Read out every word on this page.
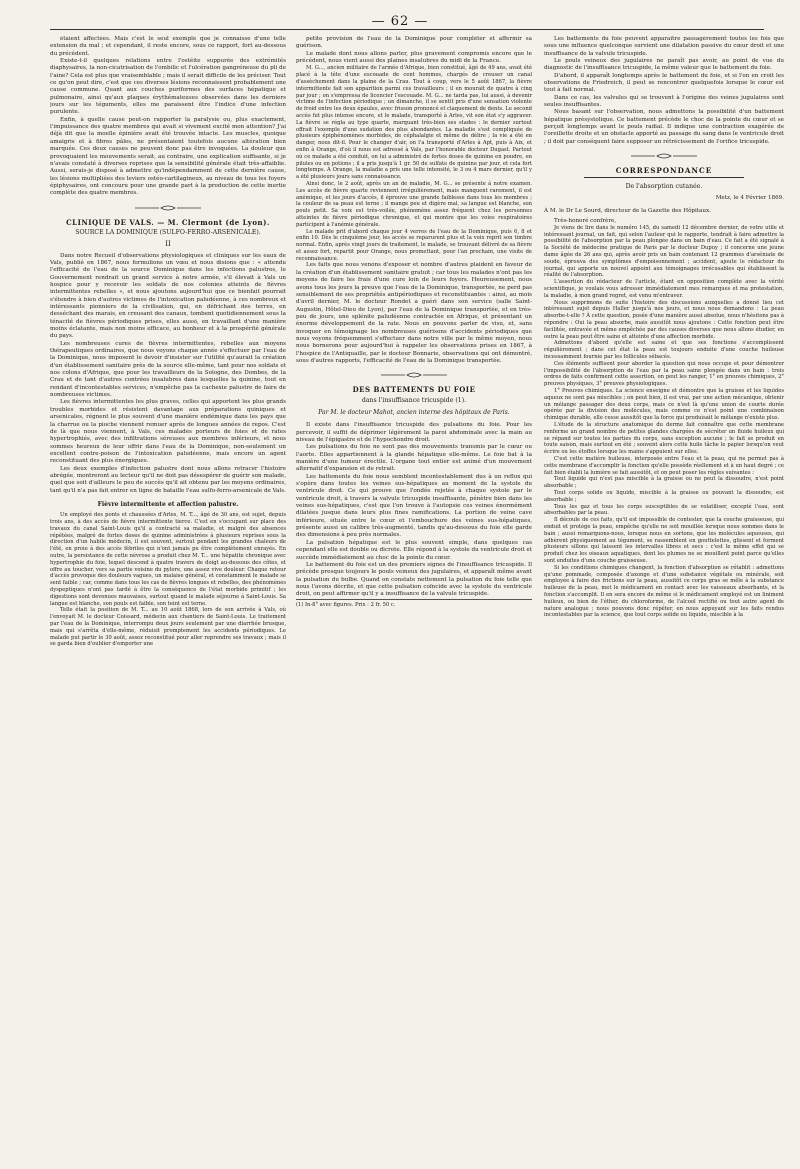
— 62 —

étaient affectées. Mais c'est le seul exemple que je connaisse d'une telle extension du mal ; et cependant, il reste encore, sous ce rapport, fort au-dessous du précédent.

Existe-t-il quelques relations entre l'ostéite suppurée des extrémités diaphysaires, la non-cicatrisation de l'ombilic et l'ulcération gangréneuse du pli de l'aine? Cela est plus que vraisemblable ; mais il serait difficile de les préciser. Tout ce qu'on peut dire, c'est que ces diverses lésions reconnaissent probablement une cause commune. Quant aux couches puriformes des surfaces hépatique et pulmonaire, ainsi qu'aux plaques érythémateuses observées dans les derniers jours sur les téguments, elles me paraissent être l'indice d'une infection purulente.

Enfin, à quelle cause peut-on rapporter la paralysie ou, plus exactement, l'impuissance des quatre membres qui avait si vivement excité mon attention? J'ai déjà dit que la moelle épinière avait été trouvée intacte. Les muscles, quoique amaigris et à fibres pâles, ne présentaient toutefois aucune altération bien marquée. Ces deux causes ne peuvent donc pas être invoquées. La douleur que provoquaient les mouvements serait, au contraire, une explication suffisante, si je n'avais constaté à diverses reprises que la sensibilité générale était très-affaiblie. Aussi, serais-je disposé à admettre qu'indépendamment de cette dernière cause, les lésions multipliées des leviers ostéo-cartilagineux, au niveau de tous les foyers épiphysaires, ont concouru pour une grande part à la production de cette inertie complète des quatre membres.

CLINIQUE DE VALS. — M. Clermont (de Lyon).
SOURCE LA DOMINIQUE (SULFO-FERRO-ARSENICALE).
II

Dans notre Recueil d'observations physiologiques et cliniques sur les eaux de Vals, publié en 1867, nous formulions un vœu et nous disions que : « attendu l'efficacité de l'eau de la source Dominique dans les infections palustres, le Gouvernement rendrait un grand service à notre armée, s'il élevait à Vals un hospice pour y recevoir les soldats de nos colonies atteints de fièvres intermittentes rebelles », et nous ajoutons aujourd'hui que ce bienfait pourrait s'étendre à bien d'autres victimes de l'intoxication paludéenne, à ces nombreux et intéressants pionniers de la civilisation, qui, en défrichant des terres, en desséchant des marais, en creusant des canaux, tombent quotidiennement sous la ténacité de fièvres périodiques prises, elles aussi, en travaillant d'une manière moins éclatante, mais non moins efficace, au bonheur et à la prospérité générale du pays.

Les nombreuses cures de fièvres intermittentes, rebelles aux moyens thérapeutiques ordinaires, que nous voyons chaque année s'effectuer par l'eau de la Dominique, nous imposent le devoir d'insister sur l'utilité qu'aurait la création d'un établissement sanitaire près de la source elle-même, tant pour nos soldats et nos colons d'Afrique, que pour les travailleurs de la Sologne, des Dombes, de la Crau et de tant d'autres contrées insalubres dans lesquelles la quinine, tout en rendant d'incontestables services, n'empêche pas la cachexie palustre de faire de nombreuses victimes.

Les fièvres intermittentes les plus graves, celles qui apportent les plus grands troubles morbides et résistent davantage aux préparations quiniques et arsenicales, régnent le plus souvent d'une manière endémique dans les pays que la charrue ou la pioche viennent remuer après de longues années de repos. C'est de là que nous viennent, à Vals, ces malades porteurs de foies et de rates hypertrophiés, avec des infiltrations séreuses aux membres inférieurs, et nous sommes heureux de leur offrir dans l'eau de la Dominique, non-seulement un excellent contre-poison de l'intoxication paludéenne, mais encore un agent reconstituant des plus énergiques.

Les deux exemples d'infection palustre dont nous allons retracer l'histoire abrégée, montreront au lecteur qu'il ne doit pas désespérer de guérir son malade, quel que soit d'ailleurs le peu de succès qu'il ait obtenu par les moyens ordinaires, tant qu'il n'a pas fait entrer en ligne de bataille l'eau sulfo-ferro-arsenicale de Vals.

Fièvre intermittente et affection palustre.

Un employé des ponts et chaussées d'Arles, M. T..., âgé de 30 ans, est sujet, depuis trois ans, à des accès de fièvre intermittente tierce. C'est en s'occupant sur place des travaux du canal Saint-Louis qu'il a contracté sa maladie, et malgré des absences répétées, malgré de fortes doses de quinine administrées à plusieurs reprises sous la direction d'un habile médecin, il est souvent, surtout pendant les grandes chaleurs de l'été, en proie à des accès fébriles qui n'ont jamais pu être complètement enrayés. En outre, la persistance de cette névrose a produit chez M. T... une hépatite chronique avec hypertrophie du foie, lequel descend à quatre travers de doigt au-dessous des côtes, et offre au toucher, vers sa partie voisine du pylore, une assez vive douleur. Chaque retour d'accès provoque des douleurs vagues, un malaise général, et constamment le malade se sent faible ; car, comme dans tous les cas de fièvres longues et rebelles, des phénomènes dyspeptiques n'ont pas tardé à être la conséquence de l'état morbide primitif ; les digestions sont devenues mauvaises, surtout quand le malade séjourne à Saint-Louis. Sa langue est blanche, son pouls est faible, son teint est terne.

Telle était la position de M. T... au 10 août 1868, lors de son arrivée à Vals, où l'envoyait M. le docteur Coissard, médecin aux chantiers de Saint-Louis. Le traitement par l'eau de la Dominique, interrompu deux jours seulement par une diarrhée brusque, mais qui s'arrêta d'elle-même, réduisit promptement les accidents périodiques. Le malade put partir le 30 août, assez reconstitué pour aller reprendre ses travaux ; mais il se garda bien d'oublier d'emporter une

petite provision de l'eau de la Dominique pour compléter et affermir sa guérison.

Le malade dont nous allons parler, plus gravement compromis encore que le précédent, nous vient aussi des plaines insalubres du midi de la France.

M. G..., ancien militaire de l'armée d'Afrique, bien constitué, âgé de 49 ans, avait été placé à la tête d'une escouade de cent hommes, chargés de creuser un canal d'assèchement dans la plaine de la Crau. Tout à coup, vers le 5 août 1867, la fièvre intermittente fait son apparition parmi ces travailleurs ; il en mourait de quatre à cinq par jour ; on s'empressa de licencier l'escouade. M. G... ne tarda pas, lui aussi, à devenir victime de l'infection périodique ; un dimanche, il se sentit pris d'une sensation violente de froid entre les deux épaules, avec frisson prononcé et claquement de dents. Le second accès fut plus intense encore, et le malade, transporté à Arles, vit son état s'y aggraver. La fièvre se régla au type quarte, marquant très-bien ses stades : le dernier surtout offrait l'exemple d'une sudation des plus abondantes. La maladie s'est compliquée de plusieurs épiphénomènes morbides, de céphalalgie et même de délire ; la vie a été en danger, nous dit-il. Pour le changer d'air, on l'a transporté d'Arles à Apt, puis à Aix, et enfin à Orange, d'où il nous est adressé à Vals, par l'honorable docteur Dugast. Partout où ce malade a été conduit, on lui a administré de fortes doses de quinine en poudre, en pilules ou en potions ; il a pris jusqu'à 1 gr. 50 de sulfate de quinine par jour, et cela fort longtemps. À Orange, la maladie a pris une telle intensité, le 3 ou 4 mars dernier, qu'il y a été plusieurs jours sans connaissance.

Ainsi donc, le 2 août, après un an de maladie, M. G... se présente à notre examen. Les accès de fièvre quarte reviennent irrégulièrement, mais manquent rarement, il est anémique, et les jours d'accès, il éprouve une grande faiblesse dans tous les membres ; la couleur de sa peau est terne ; il mange peu et digère mal, sa langue est blanche, son pouls petit. Sa voix est très-voilée, phénomène assez fréquent chez les personnes atteintes de fièvre périodique chronique, et qui montre que les voies respiratoires participent à l'anémie générale.

Le malade prit d'abord chaque jour 4 verres de l'eau de la Dominique, puis 6, 8 et enfin 10. Dès le cinquième jour, les accès se reparurent plus et la voix reprit son timbre normal. Enfin, après vingt jours de traitement, le malade, se trouvant délivré de sa fièvre et assez fort, repartit pour Orange, nous promettant, pour l'an prochain, une visite de reconnaissance.

Les faits que nous venons d'exposer et nombre d'autres plaident en faveur de la création d'un établissement sanitaire gratuit ; car tous les malades n'ont pas les moyens de faire les frais d'une cure loin de leurs foyers. Heureusement, nous avons tous les jours la preuve que l'eau de la Dominique, transportée, ne perd pas sensiblement de ses propriétés antipériodiques et reconstituantes : ainsi, au mois d'avril dernier, M. le docteur Rondet a guéri dans son service (salle Saint-Augustin, Hôtel-Dieu de Lyon), par l'eau de la Dominique transportée, et en très-peu de jours, une splénite paludéenne contractée en Afrique, et présentant un énorme développement de la rate. Nous en pouvons parler de visu, et, sans invoquer en témoignage les nombreuses guérisons d'accidents périodiques que nous voyons fréquemment s'effectuer dans notre ville par le même moyen, nous nous bornerons pour aujourd'hui à rappeler les observations prises en 1867, à l'hospice de l'Antiquaille, par le docteur Bonnarie, observations qui ont démontré, sous d'autres rapports, l'efficacité de l'eau de la Dominique transportée.

DES BATTEMENTS DU FOIE
dans l'insuffisance tricuspide (1).
Par M. le docteur Mahot, ancien interne des hôpitaux de Paris.

Il existe dans l'insuffisance tricuspide des pulsations du foie. Pour les percevoir, il suffit de déprimer légèrement la paroi abdominale avec la main au niveau de l'épigastre et de l'hypochondre droit.

Les pulsations du foie ne sont pas des mouvements transmis par le cœur ou l'aorte. Elles appartiennent à la glande hépatique elle-même. Le foie bat à la manière d'une tumeur érectile. L'organe tout entier est animé d'un mouvement alternatif d'expansion et de retrait.

Les battements du foie nous semblent incontestablement dus à un reflux qui s'opère dans toutes les veines sus-hépatiques au moment de la systole du ventricule droit. Ce qui prouve que l'ondée rejetée à chaque systole par le ventricule droit, à travers la valvule tricuspide insuffisante, pénètre bien dans les veines sus-hépatiques, c'est que l'on trouve à l'autopsie ces veines énormément dilatées jusque dans leurs plus fines ramifications. La portion de veine cave inférieure, située entre le cœur et l'embouchure des veines sus-hépatiques, présente aussi un calibre très-augmenté, tandis qu'au-dessous du foie elle garde des dimensions à peu près normales.

La pulsation hépatique est le plus souvent simple, dans quelques cas cependant elle est double ou dicrote. Elle répond à la systole du ventricule droit et succède immédiatement au choc de la pointe du cœur.

Le battement du foie est un des premiers signes de l'insuffisance tricuspide. Il précède presque toujours le pouls veineux des jugulaires, et apparaît même avant la pulsation du bulbe. Quand on constate nettement la pulsation du foie telle que nous l'avons décrite, et que cette pulsation coïncide avec la systole du ventricule droit, on peut affirmer qu'il y a insuffisance de la valvule tricuspide.

(1) In-8° avec figures. Prix : 2 fr. 50 c.

Les battements du foie peuvent apparaître passagèrement toutes les fois que sous une influence quelconque survient une dilatation passive du cœur droit et une insuffisance de la valvule tricuspide.

Le pouls veineux des jugulaires ne paraît pas avoir, au point de vue du diagnostic de l'insuffisance tricuspide, la même valeur que le battement du foie.

D'abord, il apparaît longtemps après le battement du foie, et si l'on en croit les observations de Friedreich, il peut se rencontrer quelquefois lorsque le cœur est tout à fait normal.

Dans ce cas, les valvules qui se trouvent à l'origine des veines jugulaires sont seules insuffisantes.

Nous basant sur l'observation, nous admettons la possibilité d'un battement hépatique présystolique. Ce battement précède le choc de la pointe du cœur et se perçoit longtemps avant le pouls radial. Il indique une contraction exagérée de l'oreillette droite et un obstacle apporté au passage du sang dans le ventricule droit ; il doit par conséquent faire supposer un rétrécissement de l'orifice tricuspide.

CORRESPONDANCE
De l'absorption cutanée.

Metz, le 4 Février 1869.

À M. le Dr Le Sourd, directeur de la Gazette des Hôpitaux.

Très-honoré confrère,

Je viens de lire dans le numéro 145, du samedi 12 décembre dernier, de votre utile et intéressant journal, un fait, qui selon l'auteur qui le rapporte, tendrait à faire admettre la possibilité de l'absorption par la peau plongée dans un bain d'eau. Ce fait a été signalé à la Société de médecine pratique de Paris par le docteur Dupuy ; il concerne une jeune dame âgée de 26 ans qui, après avoir pris un bain contenant 12 grammes d'arséniate de soude, éprouva des symptômes d'empoisonnement ; accident, ajoute le rédacteur du journal, qui apporte un nouvel appoint aux témoignages irrécusables qui établissent la réalité de l'absorption.

L'assertion du rédacteur de l'article, étant en opposition complète avec la vérité scientifique, je voulais vous adresser immédiatement mes remarques et ma protestation, la maladie, à mon grand regret, est venu m'entraver.

Nous supprimons de suite l'histoire des discussions auxquelles a donné lieu cet intéressant sujet depuis Haller jusqu'à nos jours, et nous nous demandons : La peau absorbe-t-elle ? À cette question, posée d'une manière aussi absolue, nous n'hésitons pas à répondre : Oui la peau absorbe, mais aussitôt nous ajoutons : Cette fonction peut être facilitée, entravée et même empêchée par des causes diverses que nous allons étudier, en outre la peau peut être saine et atteinte d'une affection morbide.

Admettons d'abord qu'elle est saine et que ses fonctions s'accomplissent régulièrement ; dans cet état la peau est toujours enduite d'une couche huileuse incessamment fournie par les follicules sébacés.

Ces éléments suffisent pour aborder la question qui nous occupe et pour démontrer l'impossibilité de l'absorption de l'eau par la peau saine plongée dans un bain : trois ordres de faits confirment cette assertion, on peut les ranger, 1° en preuves chimiques, 2° preuves physiques, 3° preuves physiologiques.

1° Preuves chimiques. La science enseigne et démontre que la graisse et les liquides aqueux ne sont pas miscibles ; on peut bien, il est vrai, par une action mécanique, obtenir un mélange passager des deux corps, mais ce n'est là qu'une union de courte durée opérée par la division des molécules, mais comme ce n'est point une combinaison chimique durable, elle cesse aussitôt que la force qui produisait le mélange n'existe plus.

L'étude de la structure anatomique du derme fait connaître que cette membrane renferme un grand nombre de petites glandes chargées de sécréter un fluide huileux qui se répand sur toutes les parties du corps, sans exception aucune ; le fait se produit en toute saison, mais surtout en été ; souvent alors cette huile tâche le papier lorsqu'on veut écrire ou les étoffes lorsque les mains s'appuient sur elles.

C'est cette matière huileuse, interposée entre l'eau et la peau, qui ne permet pas à cette membrane d'accomplir la fonction qu'elle possède réellement et à un haut degré ; ce fait bien établi la lumière se fait aussitôt, et on peut poser les règles suivantes :

Tout liquide qui n'est pas miscible à la graisse ou ne peut la dissoudre, n'est point absorbable ;

Tout corps solide ou liquide, miscible à la graisse ou pouvant la dissoudre, est absorbable ;

Tous les gaz et tous les corps susceptibles de se volatiliser, excepté l'eau, sont absorbables par la peau.

Il découle de ces faits, qu'il est impossible de contester, que la couche graisseuse, qui enduit et protège la peau, empêche qu'elle ne soit mouillée lorsque nous sommes dans le bain ; aussi remarquons-nous, lorsque nous en sortons, que les molécules aqueuses, qui adhèrent physiquement au tégument, se rassemblent en gouttelettes, glissent et forment plusieurs sillons qui laissent les intervalles libres et secs : c'est le même effet qui se produit chez les oiseaux aquatiques, dont les plumes ne se mouillent point parce qu'elles sont enduites d'une couche graisseuse.

Si les conditions chimiques changent, la fonction d'absorption se rétablit : admettons qu'une pommade, composée d'axonge et d'une substance végétale ou minérale, soit employée à faire des frictions sur la peau, aussitôt ce corps gras se mêle à la substance huileuse de la peau, met le médicament en contact avec les vaisseaux absorbants, et la fonction s'accomplit. Il en sera encore de même si le médicament employé est un liniment huileux, ou bien de l'éther, du chloroforme, de l'alcool rectifié ou tout autre agent de nature analogue ; nous pouvons donc répéter, en nous appuyant sur les faits rendus incontestables par la science, que tout corps solide ou liquide, miscible à la
